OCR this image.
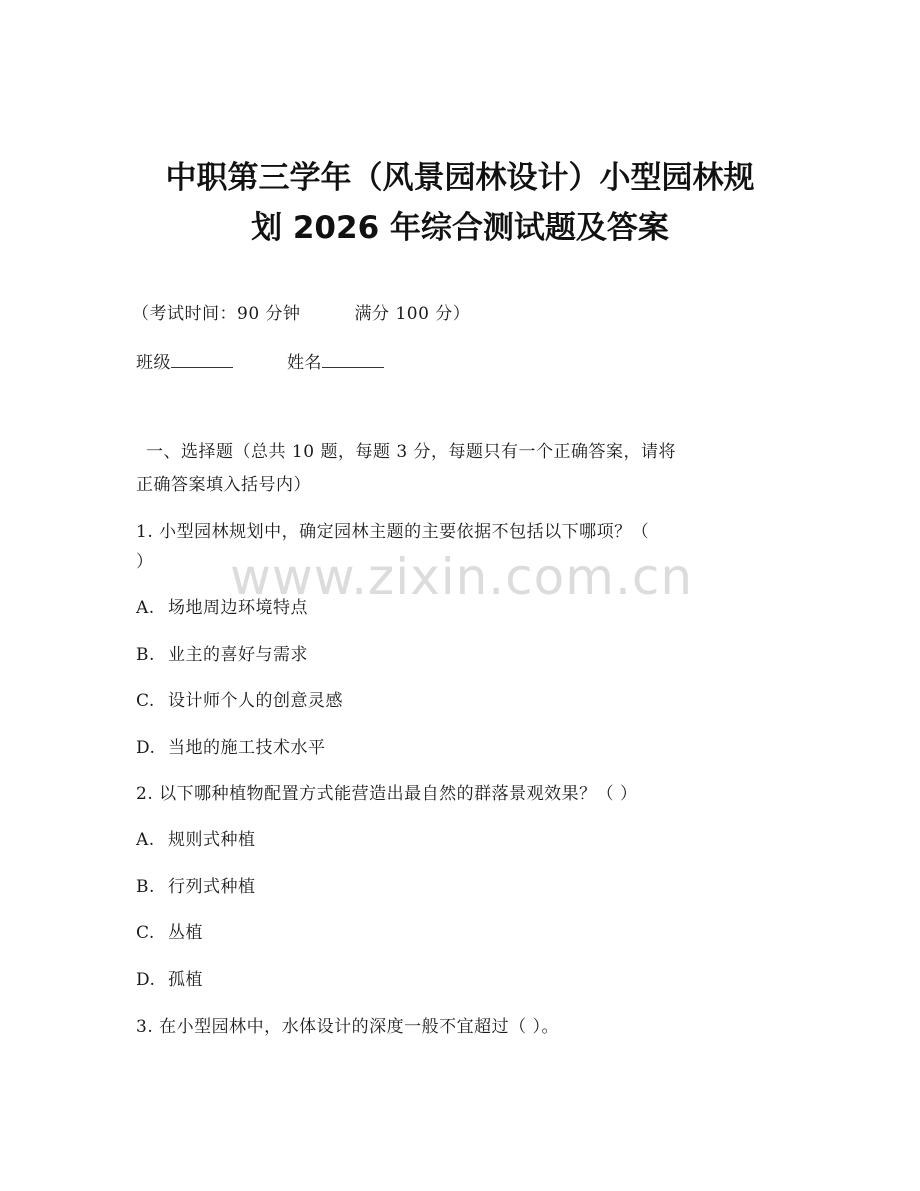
www.zixin.com.cn
中职第三学年（风景园林设计）小型园林规
划 2026 年综合测试题及答案
（考试时间：90 分钟	满分 100 分）
班级	姓名
一、选择题（总共 10 题，每题 3 分，每题只有一个正确答案，请将
正确答案填入括号内）
1. 小型园林规划中，确定园林主题的主要依据不包括以下哪项？（
）
A. 场地周边环境特点
B. 业主的喜好与需求
C. 设计师个人的创意灵感
D. 当地的施工技术水平
2. 以下哪种植物配置方式能营造出最自然的群落景观效果？（ ）
A. 规则式种植
B. 行列式种植
C. 丛植
D. 孤植
3. 在小型园林中，水体设计的深度一般不宜超过（ ）。
